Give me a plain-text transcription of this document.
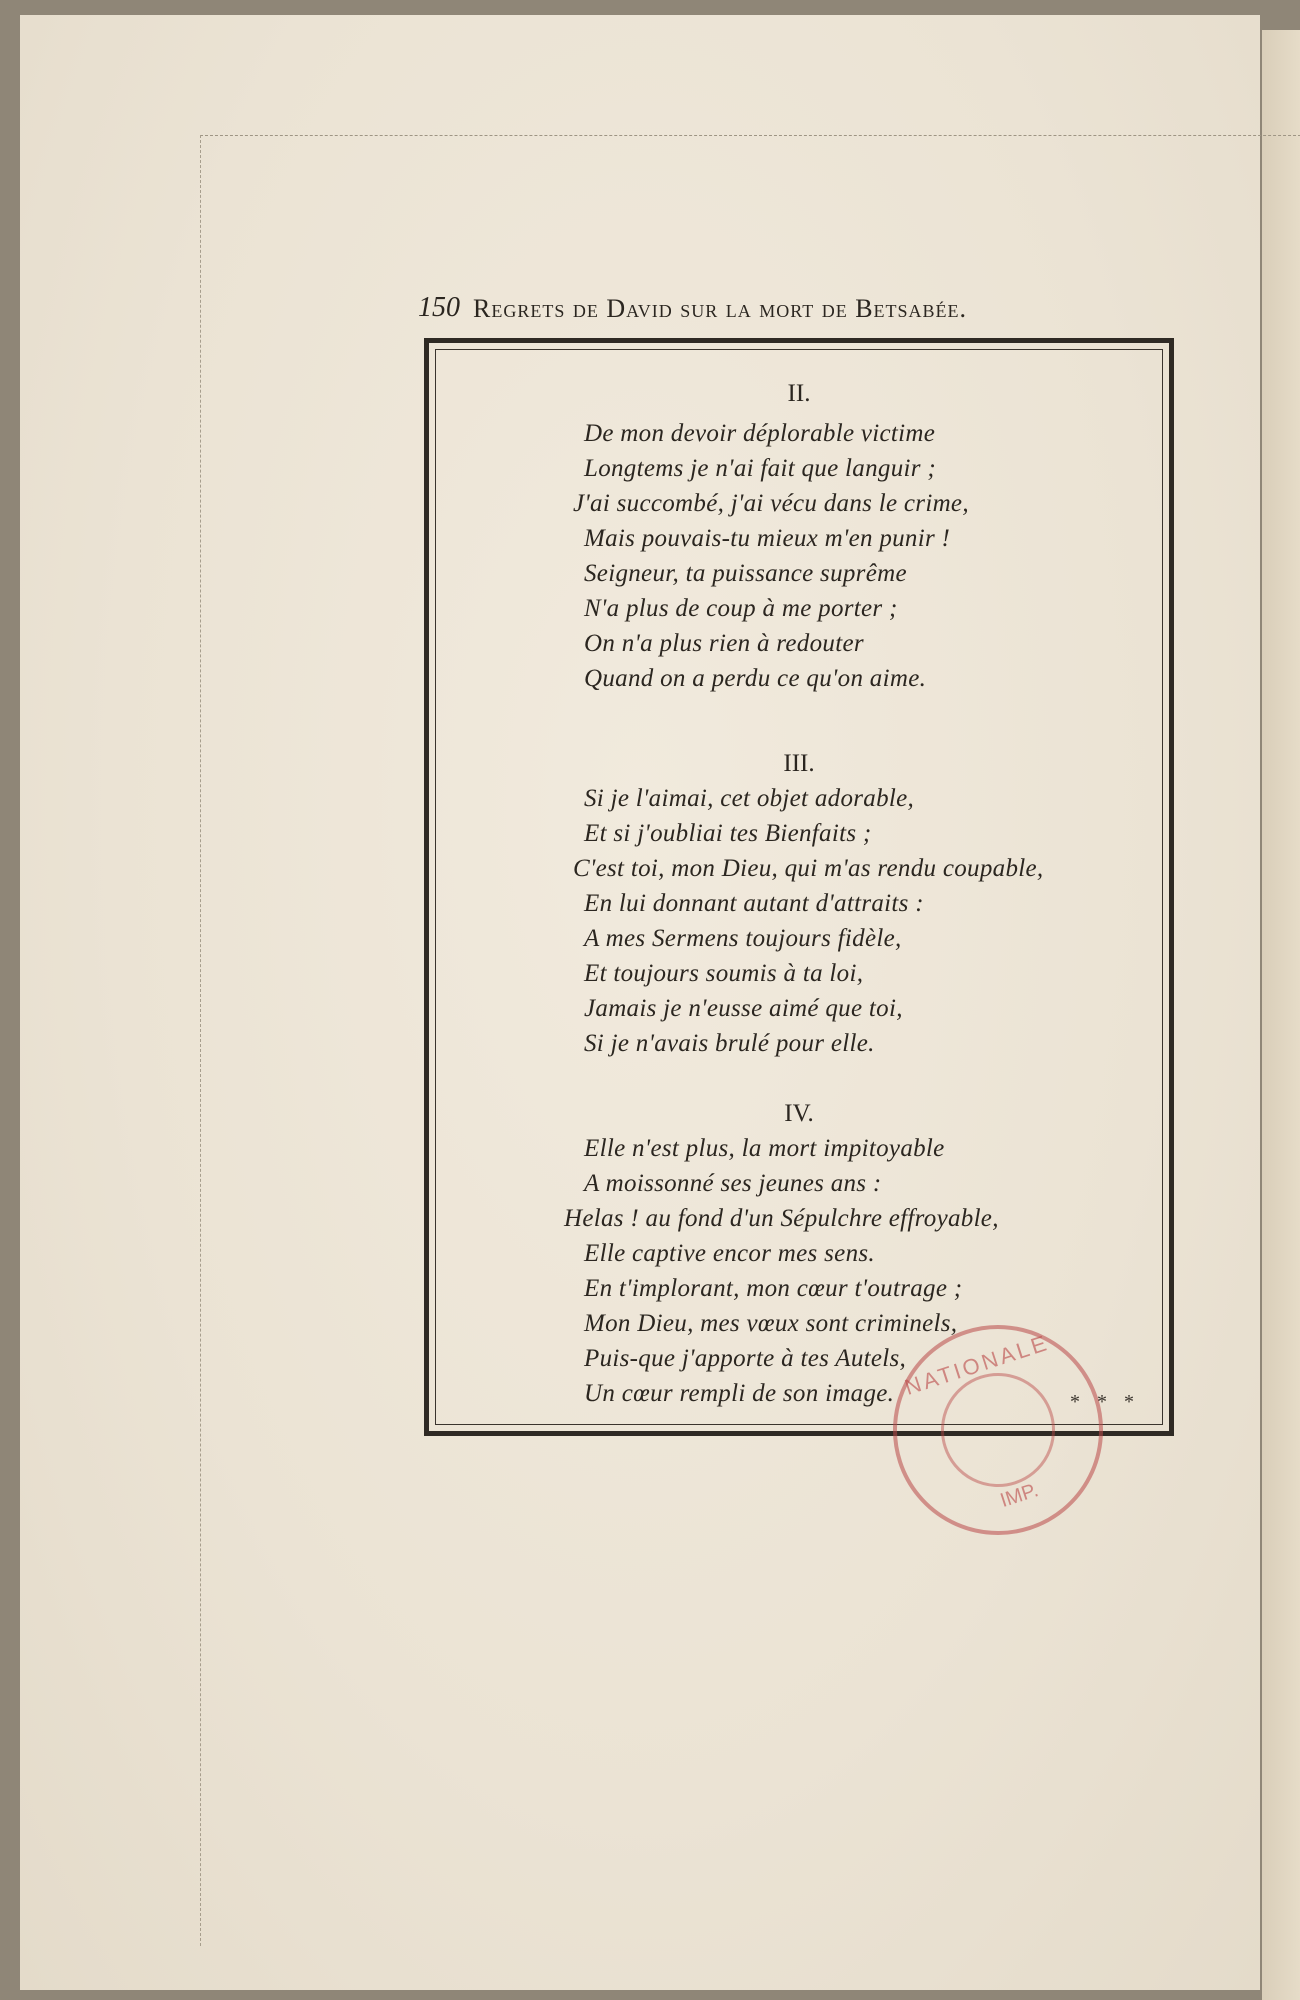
150 Regrets de David sur la mort de Betsabée.
II.
De mon devoir déplorable victime
Longtems je n'ai fait que languir ;
J'ai succombé, j'ai vécu dans le crime,
Mais pouvais-tu mieux m'en punir !
Seigneur, ta puissance suprême
N'a plus de coup à me porter ;
On n'a plus rien à redouter
Quand on a perdu ce qu'on aime.
III.
Si je l'aimai, cet objet adorable,
Et si j'oubliai tes Bienfaits ;
C'est toi, mon Dieu, qui m'as rendu coupable,
En lui donnant autant d'attraits :
A mes Sermens toujours fidèle,
Et toujours soumis à ta loi,
Jamais je n'eusse aimé que toi,
Si je n'avais brulé pour elle.
IV.
Elle n'est plus, la mort impitoyable
A moissonné ses jeunes ans :
Helas ! au fond d'un Sépulchre effroyable,
Elle captive encor mes sens.
En t'implorant, mon cœur t'outrage ;
Mon Dieu, mes vœux sont criminels,
Puis-que j'apporte à tes Autels,
Un cœur rempli de son image.	* * *
NATIONALE
IMP.
